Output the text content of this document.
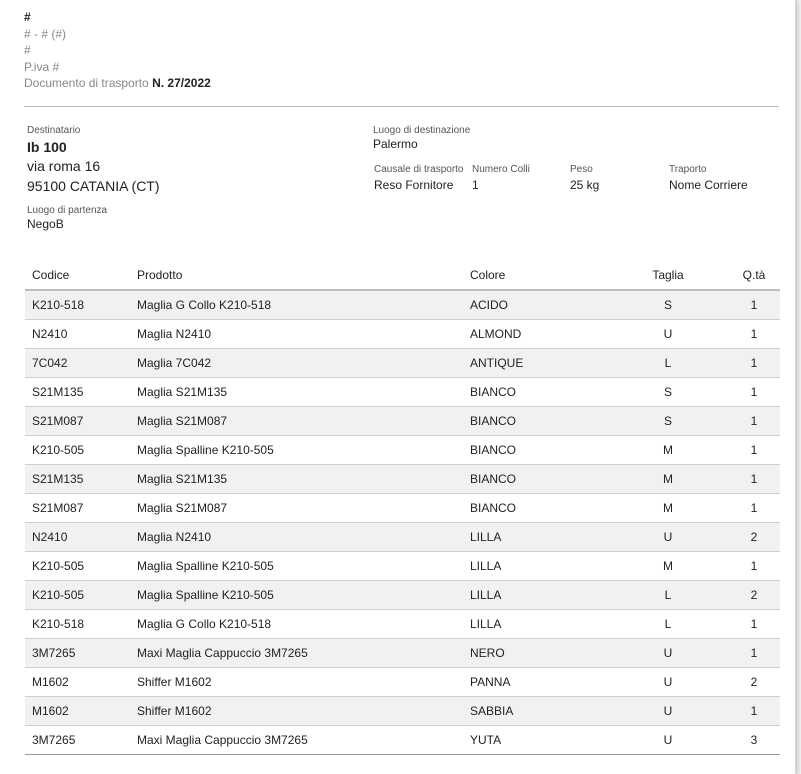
#
# - # (#)
#
P.iva #
Documento di trasporto N. 27/2022
Destinatario
Ib 100
via roma 16
95100 CATANIA (CT)
Luogo di partenza
NegoB
Luogo di destinazione
Palermo
Causale di trasporto
Reso Fornitore
Numero Colli
1
Peso
25 kg
Traporto
Nome Corriere
Codice	Prodotto	Colore	Taglia	Q.tà
K210-518	Maglia G Collo K210-518	ACIDO	S	1
N2410	Maglia N2410	ALMOND	U	1
7C042	Maglia 7C042	ANTIQUE	L	1
S21M135	Maglia S21M135	BIANCO	S	1
S21M087	Maglia S21M087	BIANCO	S	1
K210-505	Maglia Spalline K210-505	BIANCO	M	1
S21M135	Maglia S21M135	BIANCO	M	1
S21M087	Maglia S21M087	BIANCO	M	1
N2410	Maglia N2410	LILLA	U	2
K210-505	Maglia Spalline K210-505	LILLA	M	1
K210-505	Maglia Spalline K210-505	LILLA	L	2
K210-518	Maglia G Collo K210-518	LILLA	L	1
3M7265	Maxi Maglia Cappuccio 3M7265	NERO	U	1
M1602	Shiffer M1602	PANNA	U	2
M1602	Shiffer M1602	SABBIA	U	1
3M7265	Maxi Maglia Cappuccio 3M7265	YUTA	U	3
